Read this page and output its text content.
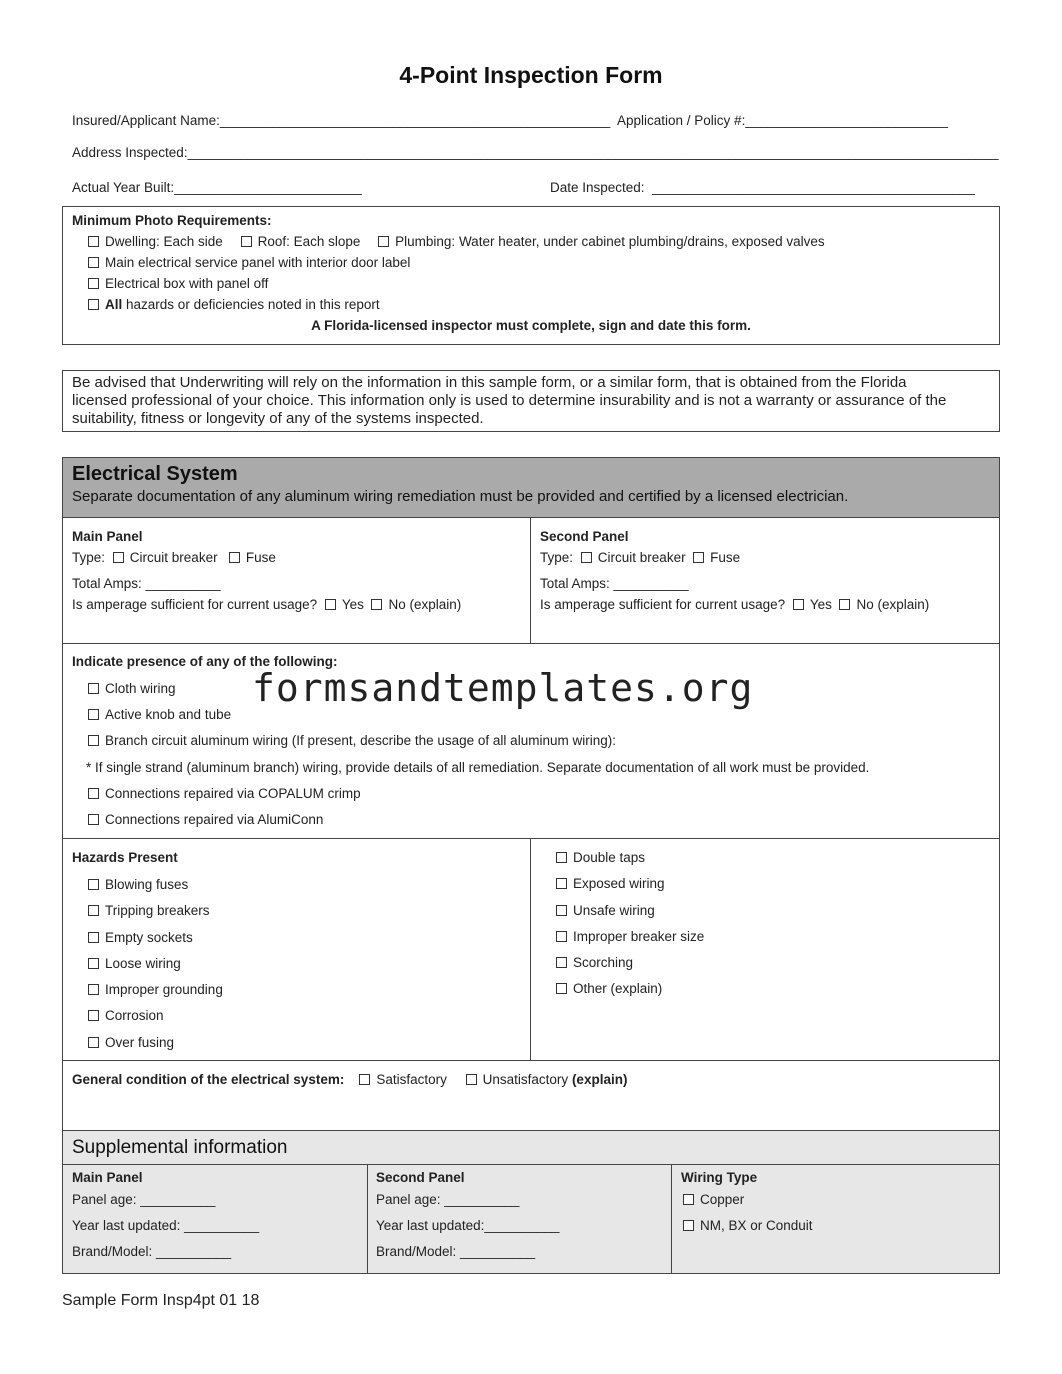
4-Point Inspection Form
Insured/Applicant Name:____________________________________________________ Application / Policy #:___________________________
Address Inspected:____________________________________________________________________________________________________________
Actual Year Built:_________________________	Date Inspected: ___________________________________________
Minimum Photo Requirements:
Dwelling: Each side	Roof: Each slope	Plumbing: Water heater, under cabinet plumbing/drains, exposed valves
Main electrical service panel with interior door label
Electrical box with panel off
All hazards or deficiencies noted in this report
A Florida-licensed inspector must complete, sign and date this form.
Be advised that Underwriting will rely on the information in this sample form, or a similar form, that is obtained from the Florida
licensed professional of your choice. This information only is used to determine insurability and is not a warranty or assurance of the
suitability, fitness or longevity of any of the systems inspected.
Electrical System
Separate documentation of any aluminum wiring remediation must be provided and certified by a licensed electrician.
Main Panel
Type: Circuit breaker Fuse
Total Amps: __________
Is amperage sufficient for current usage? Yes No (explain)
Second Panel
Type: Circuit breaker Fuse
Total Amps: __________
Is amperage sufficient for current usage? Yes No (explain)
Indicate presence of any of the following:
Cloth wiring formsandtemplates.org
Active knob and tube
Branch circuit aluminum wiring (If present, describe the usage of all aluminum wiring):
* If single strand (aluminum branch) wiring, provide details of all remediation. Separate documentation of all work must be provided.
Connections repaired via COPALUM crimp
Connections repaired via AlumiConn
Hazards Present
Blowing fuses
Tripping breakers
Empty sockets
Loose wiring
Improper grounding
Corrosion
Over fusing
Double taps
Exposed wiring
Unsafe wiring
Improper breaker size
Scorching
Other (explain)
General condition of the electrical system: Satisfactory	Unsatisfactory (explain)
Supplemental information
Main Panel
Panel age: __________
Year last updated: __________
Brand/Model: __________
Second Panel
Panel age: __________
Year last updated:__________
Brand/Model: __________
Wiring Type
Copper
NM, BX or Conduit
Sample Form Insp4pt 01 18
